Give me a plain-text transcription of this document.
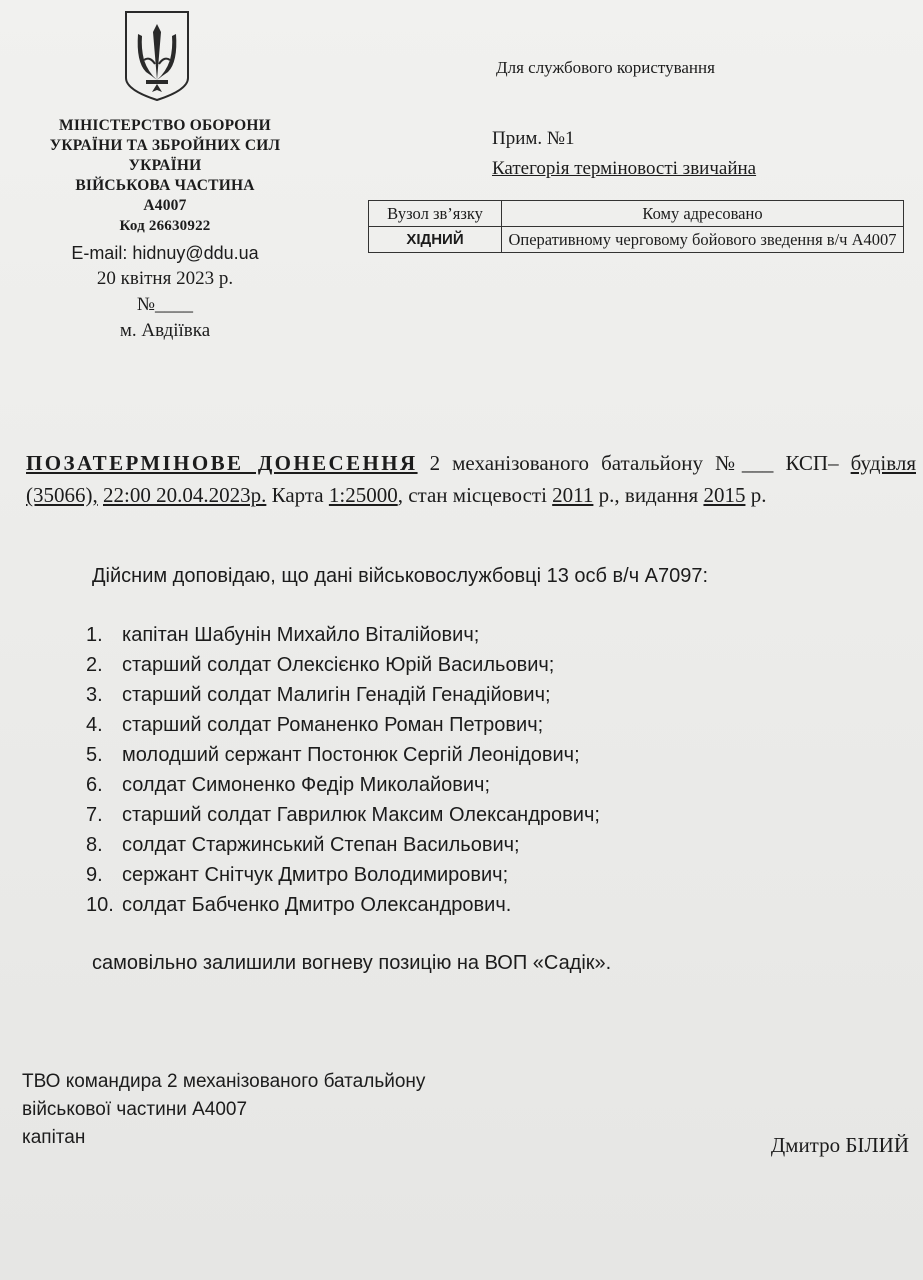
МІНІСТЕРСТВО ОБОРОНИ
УКРАЇНИ ТА ЗБРОЙНИХ СИЛ
УКРАЇНИ
ВІЙСЬКОВА ЧАСТИНА
А4007
Код 26630922
E-mail: hidnuy@ddu.ua
20 квітня 2023 р.
№____
м. Авдіївка
Для службового користування
Прим. №1
Категорія терміновості звичайна
Вузол зв’язку	Кому адресовано
ХІДНИЙ	Оперативному черговому бойового зведення в/ч А4007
ПОЗАТЕРМІНОВЕ ДОНЕСЕННЯ 2 механізованого батальйону №___ КСП– будівля (35066), 22:00 20.04.2023р. Карта 1:25000, стан місцевості 2011 р., видання 2015 р.
Дійсним доповідаю, що дані військовослужбовці 13 осб в/ч А7097:
1. капітан Шабунін Михайло Віталійович;
2. старший солдат Олексієнко Юрій Васильович;
3. старший солдат Малигін Генадій Генадійович;
4. старший солдат Романенко Роман Петрович;
5. молодший сержант Постонюк Сергій Леонідович;
6. солдат Симоненко Федір Миколайович;
7. старший солдат Гаврилюк Максим Олександрович;
8. солдат Старжинський Степан Васильович;
9. сержант Снітчук Дмитро Володимирович;
10. солдат Бабченко Дмитро Олександрович.
самовільно залишили вогневу позицію на ВОП «Садік».
ТВО командира 2 механізованого батальйону
військової частини А4007
капітан	Дмитро БІЛИЙ
